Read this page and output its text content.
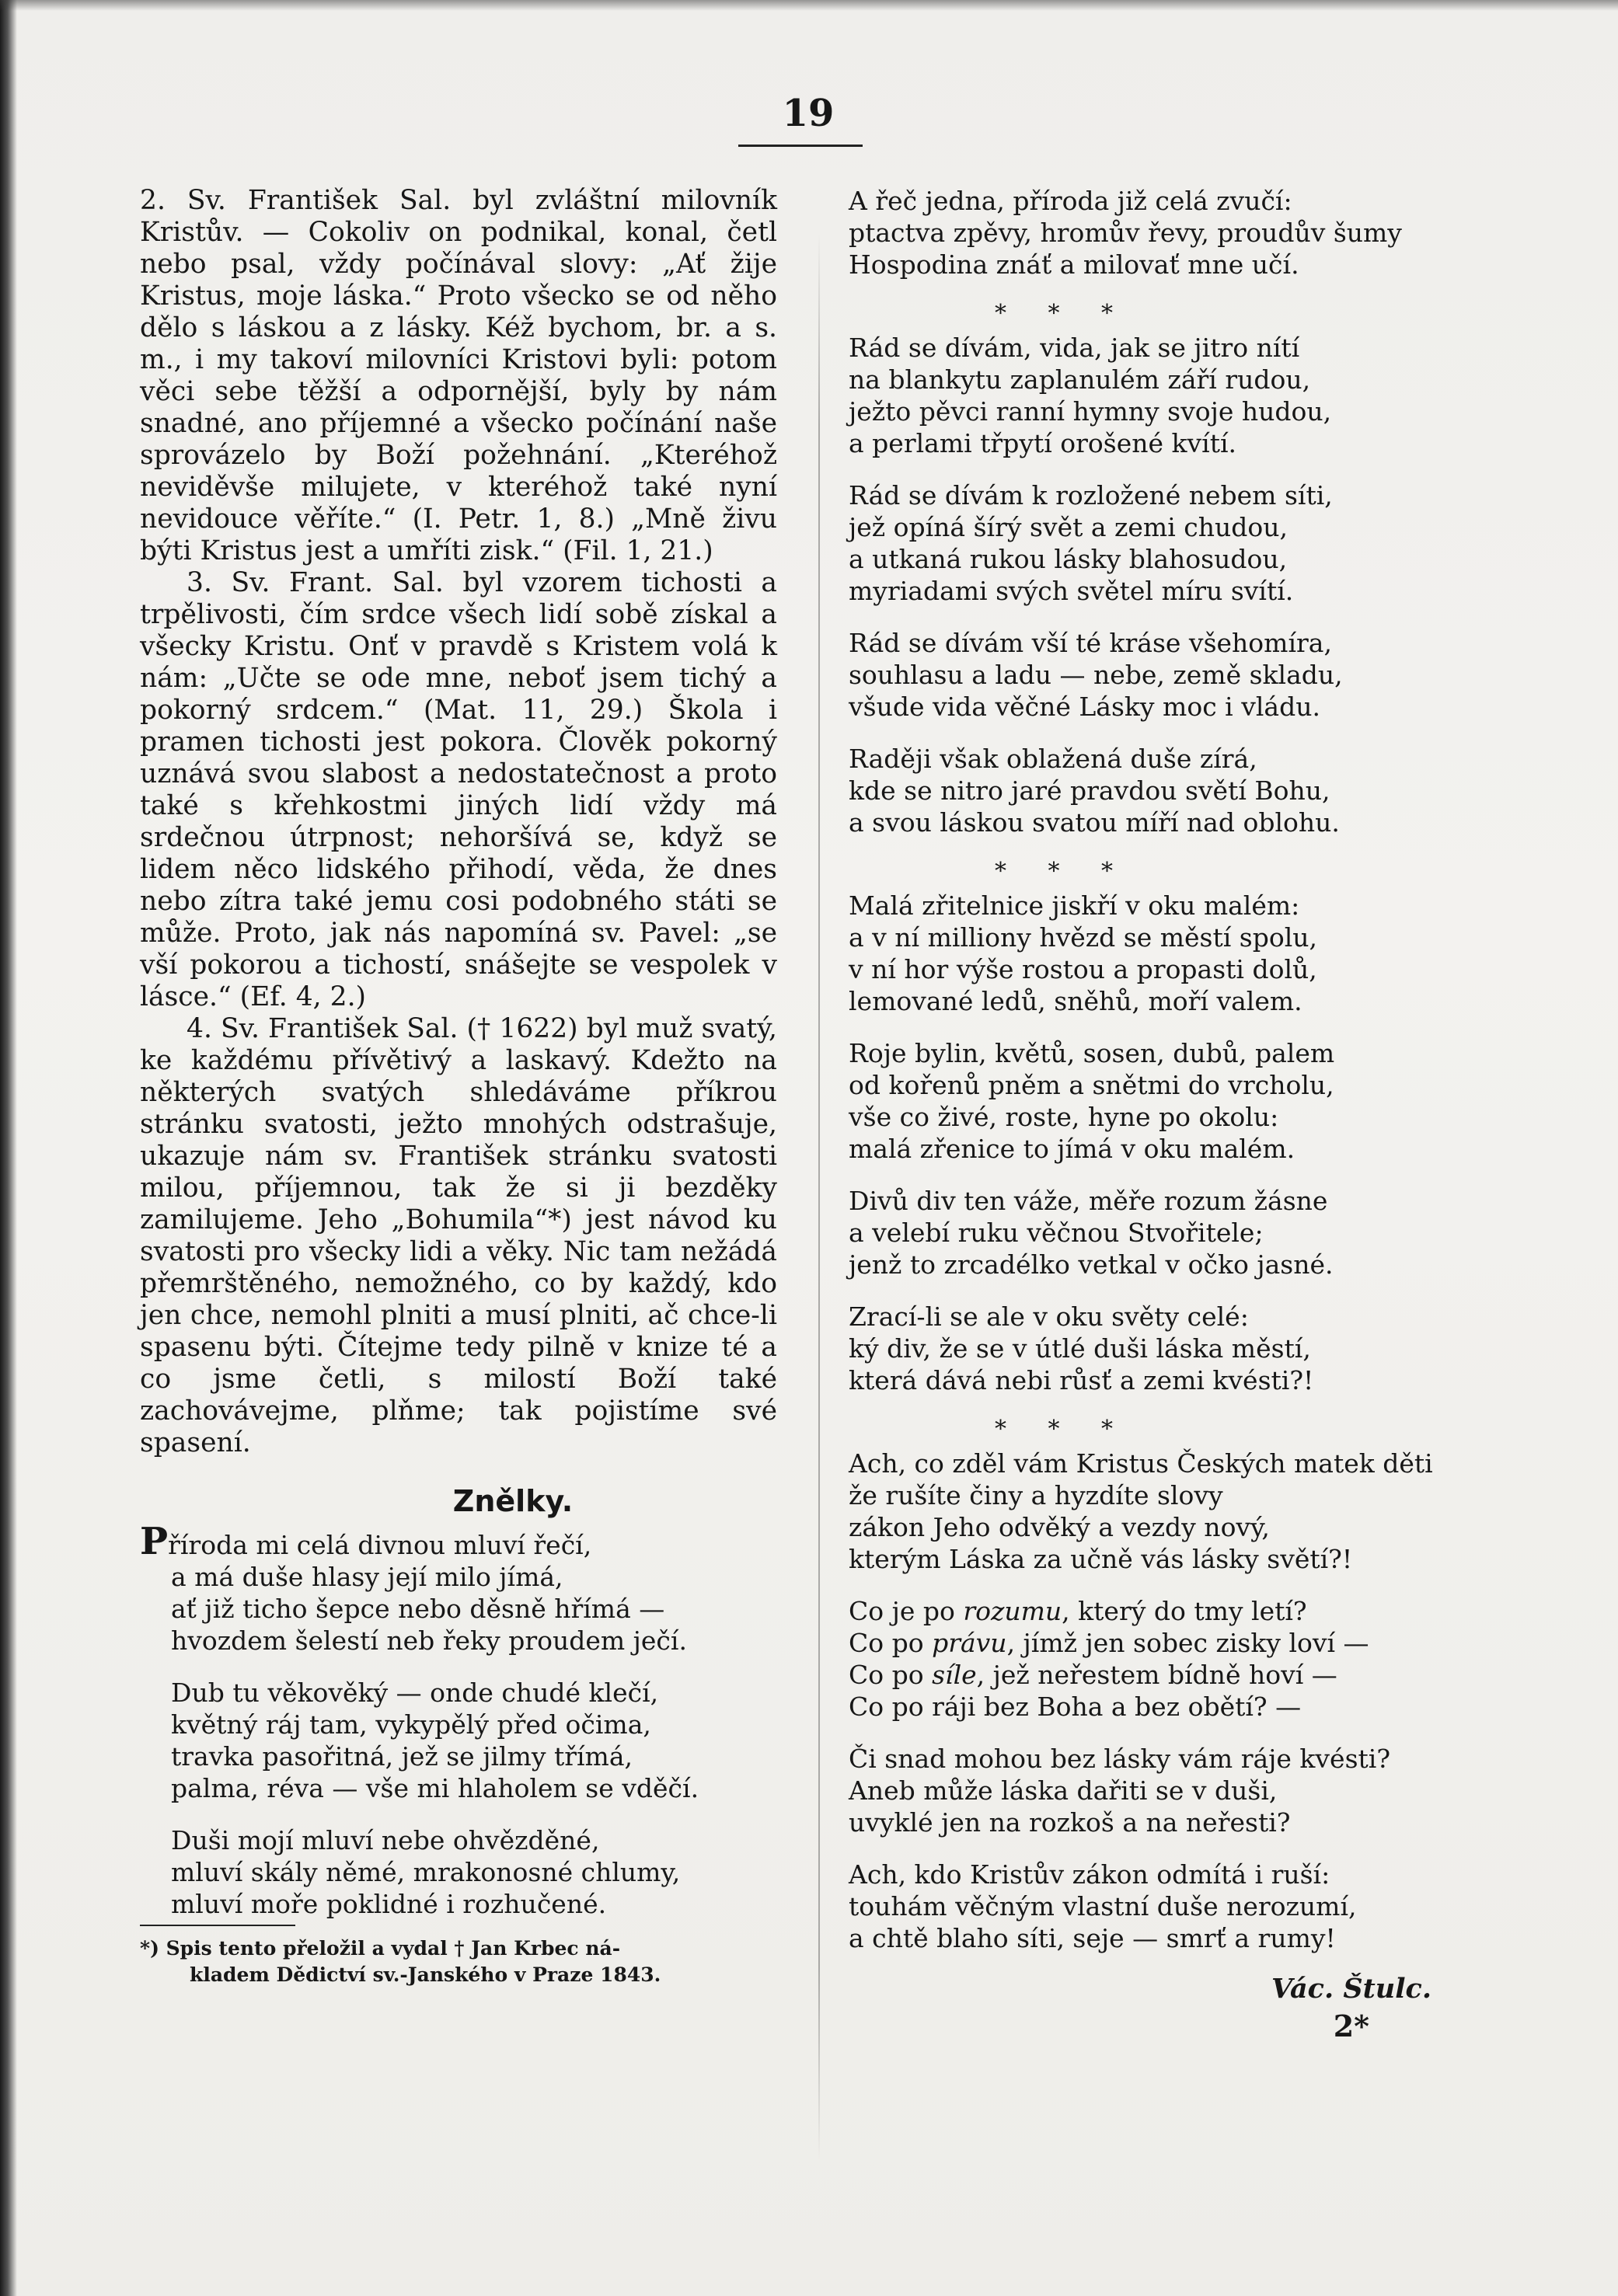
19

2. Sv. František Sal. byl zvláštní milovník Kristův. — Cokoliv on podnikal, konal, četl nebo psal, vždy počínával slovy: „Ať žije Kristus, moje láska.“ Proto všecko se od něho dělo s láskou a z lásky. Kéž bychom, br. a s. m., i my takoví milovníci Kristovi byli: potom věci sebe těžší a odpornější, byly by nám snadné, ano příjemné a všecko počínání naše sprovázelo by Boží požehnání. „Kteréhož neviděvše milujete, v kteréhož také nyní nevidouce věříte.“ (I. Petr. 1, 8.) „Mně živu býti Kristus jest a umříti zisk.“ (Fil. 1, 21.)

3. Sv. Frant. Sal. byl vzorem tichosti a trpělivosti, čím srdce všech lidí sobě získal a všecky Kristu. Onť v pravdě s Kristem volá k nám: „Učte se ode mne, neboť jsem tichý a pokorný srdcem.“ (Mat. 11, 29.) Škola i pramen tichosti jest pokora. Člověk pokorný uznává svou slabost a nedostatečnost a proto také s křehkostmi jiných lidí vždy má srdečnou útrpnost; nehoršívá se, když se lidem něco lidského přihodí, věda, že dnes nebo zítra také jemu cosi podobného státi se může. Proto, jak nás napomíná sv. Pavel: „se vší pokorou a tichostí, snášejte se vespolek v lásce.“ (Ef. 4, 2.)

4. Sv. František Sal. († 1622) byl muž svatý, ke každému přívětivý a laskavý. Kdežto na některých svatých shledáváme příkrou stránku svatosti, ježto mnohých odstrašuje, ukazuje nám sv. František stránku svatosti milou, příjemnou, tak že si ji bezděky zamilujeme. Jeho „Bohumila“*) jest návod ku svatosti pro všecky lidi a věky. Nic tam nežádá přemrštěného, nemožného, co by každý, kdo jen chce, nemohl plniti a musí plniti, ač chce-li spasenu býti. Čítejme tedy pilně v knize té a co jsme četli, s milostí Boží také zachovávejme, plňme; tak pojistíme své spasení.

Znělky.
Příroda mi celá divnou mluví řečí,
a má duše hlasy její milo jímá,
ať již ticho šepce nebo děsně hřímá —
hvozdem šelestí neb řeky proudem ječí.
Dub tu věkověký — onde chudé klečí,
květný ráj tam, vykypělý před očima,
travka pasořitná, jež se jilmy třímá,
palma, réva — vše mi hlaholem se vděčí.
Duši mojí mluví nebe ohvězděné,
mluví skály němé, mrakonosné chlumy,
mluví moře poklidné i rozhučené.
*) Spis tento přeložil a vydal † Jan Krbec ná-
kladem Dědictví sv.-Janského v Praze 1843.
A řeč jedna, příroda již celá zvučí:
ptactva zpěvy, hromův řevy, proudův šumy
Hospodina znáť a milovať mne učí.
* * *
Rád se dívám, vida, jak se jitro nítí
na blankytu zaplanulém září rudou,
ježto pěvci ranní hymny svoje hudou,
a perlami třpytí orošené kvítí.
Rád se dívám k rozložené nebem síti,
jež opíná šírý svět a zemi chudou,
a utkaná rukou lásky blahosudou,
myriadami svých světel míru svítí.
Rád se dívám vší té kráse všehomíra,
souhlasu a ladu — nebe, země skladu,
všude vida věčné Lásky moc i vládu.
Raději však oblažená duše zírá,
kde se nitro jaré pravdou světí Bohu,
a svou láskou svatou míří nad oblohu.
* * *
Malá zřitelnice jiskří v oku malém:
a v ní milliony hvězd se městí spolu,
v ní hor výše rostou a propasti dolů,
lemované ledů, sněhů, moří valem.
Roje bylin, květů, sosen, dubů, palem
od kořenů pněm a snětmi do vrcholu,
vše co živé, roste, hyne po okolu:
malá zřenice to jímá v oku malém.
Divů div ten váže, měře rozum žásne
a velebí ruku věčnou Stvořitele;
jenž to zrcadélko vetkal v očko jasné.
Zrací-li se ale v oku světy celé:
ký div, že se v útlé duši láska městí,
která dává nebi růsť a zemi kvésti?!
* * *
Ach, co zděl vám Kristus Českých matek děti
že rušíte činy a hyzdíte slovy
zákon Jeho odvěký a vezdy nový,
kterým Láska za učně vás lásky světí?!
Co je po rozumu, který do tmy letí?
Co po právu, jímž jen sobec zisky loví —
Co po síle, jež neřestem bídně hoví —
Co po ráji bez Boha a bez obětí? —
Či snad mohou bez lásky vám ráje kvésti?
Aneb může láska dařiti se v duši,
uvyklé jen na rozkoš a na neřesti?
Ach, kdo Kristův zákon odmítá i ruší:
touhám věčným vlastní duše nerozumí,
a chtě blaho síti, seje — smrť a rumy!
Vác. Štulc.
2*
